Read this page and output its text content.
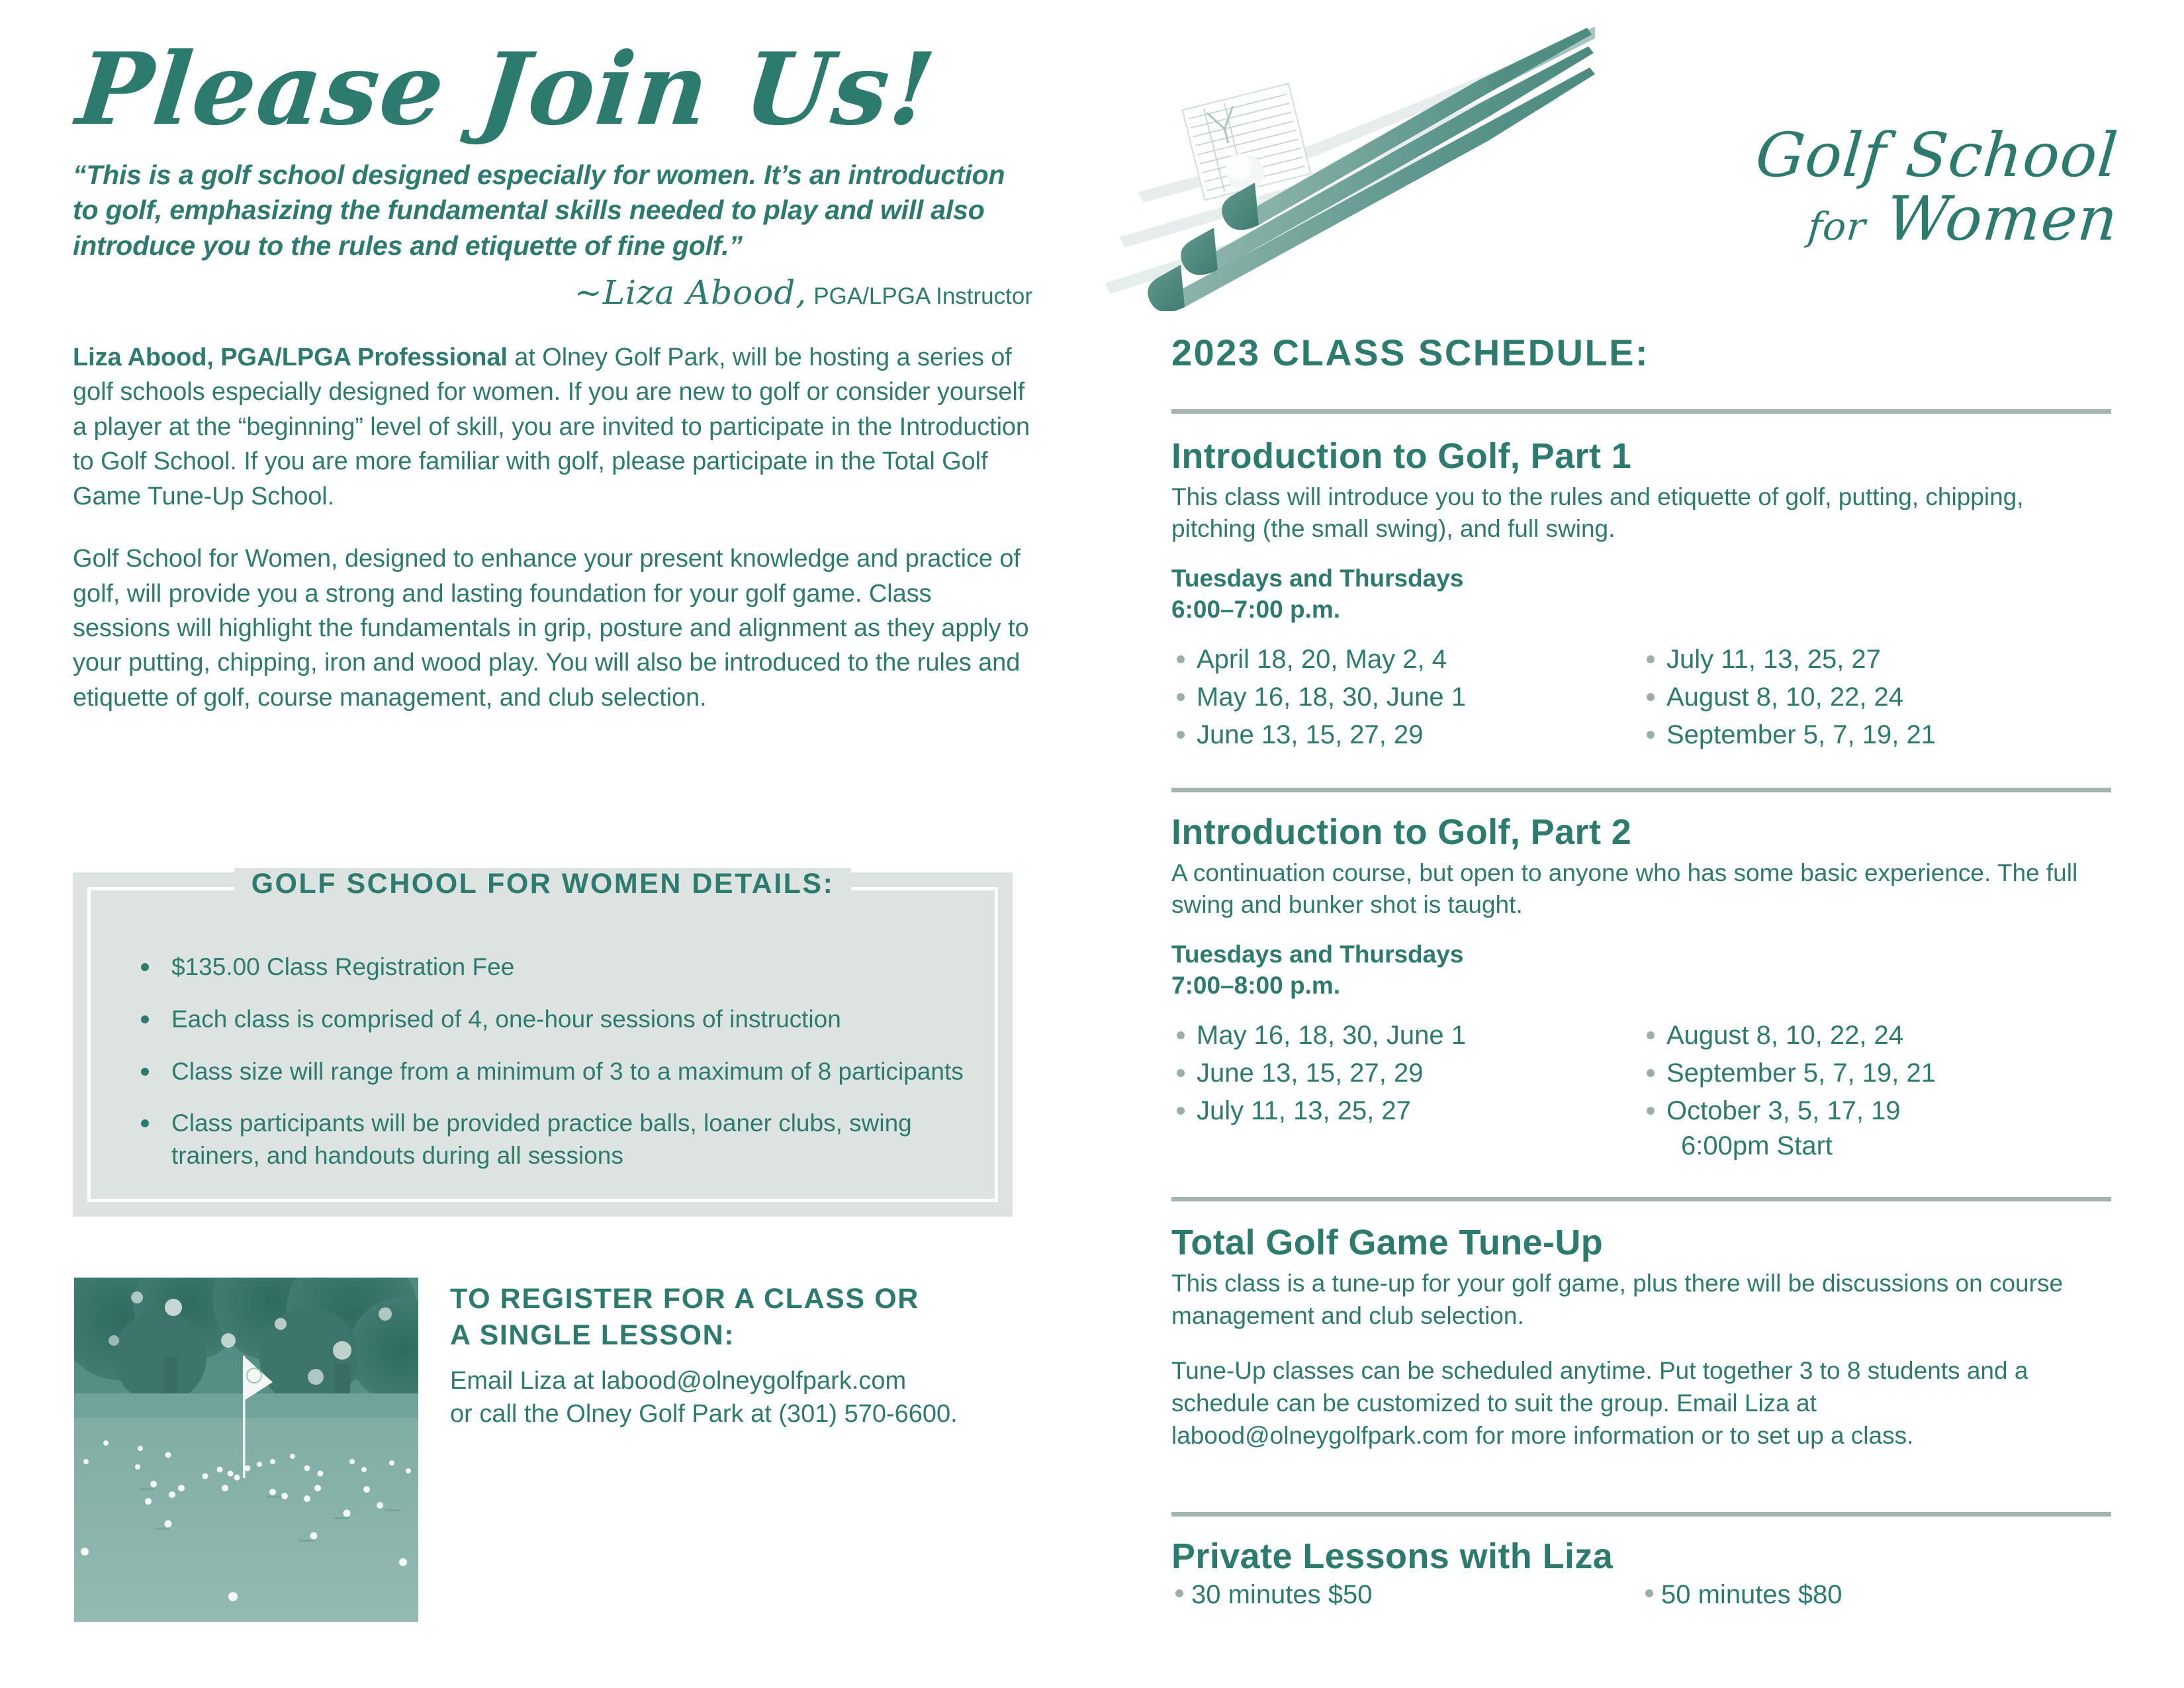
Please Join Us!

“This is a golf school designed especially for women. It’s an introduction to golf, emphasizing the fundamental skills needed to play and will also introduce you to the rules and etiquette of fine golf.”

~Liza Abood, PGA/LPGA Instructor

Liza Abood, PGA/LPGA Professional at Olney Golf Park, will be hosting a series of golf schools especially designed for women. If you are new to golf or consider yourself a player at the “beginning” level of skill, you are invited to participate in the Introduction to Golf School. If you are more familiar with golf, please participate in the Total Golf Game Tune-Up School.

Golf School for Women, designed to enhance your present knowledge and practice of golf, will provide you a strong and lasting foundation for your golf game. Class sessions will highlight the fundamentals in grip, posture and alignment as they apply to your putting, chipping, iron and wood play. You will also be introduced to the rules and etiquette of golf, course management, and club selection.

GOLF SCHOOL FOR WOMEN DETAILS:
$135.00 Class Registration Fee
Each class is comprised of 4, one-hour sessions of instruction
Class size will range from a minimum of 3 to a maximum of 8 participants
Class participants will be provided practice balls, loaner clubs, swing trainers, and handouts during all sessions
TO REGISTER FOR A CLASS OR
A SINGLE LESSON:

Email Liza at labood@olneygolfpark.com
or call the Olney Golf Park at (301) 570-6600.

Golf School
for Women
2023 CLASS SCHEDULE:
Introduction to Golf, Part 1

This class will introduce you to the rules and etiquette of golf, putting, chipping, pitching (the small swing), and full swing.

Tuesdays and Thursdays
6:00–7:00 p.m.

April 18, 20, May 2, 4
May 16, 18, 30, June 1
June 13, 15, 27, 29
July 11, 13, 25, 27
August 8, 10, 22, 24
September 5, 7, 19, 21
Introduction to Golf, Part 2

A continuation course, but open to anyone who has some basic experience. The full swing and bunker shot is taught.

Tuesdays and Thursdays
7:00–8:00 p.m.

May 16, 18, 30, June 1
June 13, 15, 27, 29
July 11, 13, 25, 27
August 8, 10, 22, 24
September 5, 7, 19, 21
October 3, 5, 17, 19
6:00pm Start
Total Golf Game Tune-Up

This class is a tune-up for your golf game, plus there will be discussions on course management and club selection.

Tune-Up classes can be scheduled anytime. Put together 3 to 8 students and a schedule can be customized to suit the group. Email Liza at labood@olneygolfpark.com for more information or to set up a class.

Private Lessons with Liza
30 minutes $50	50 minutes $80
